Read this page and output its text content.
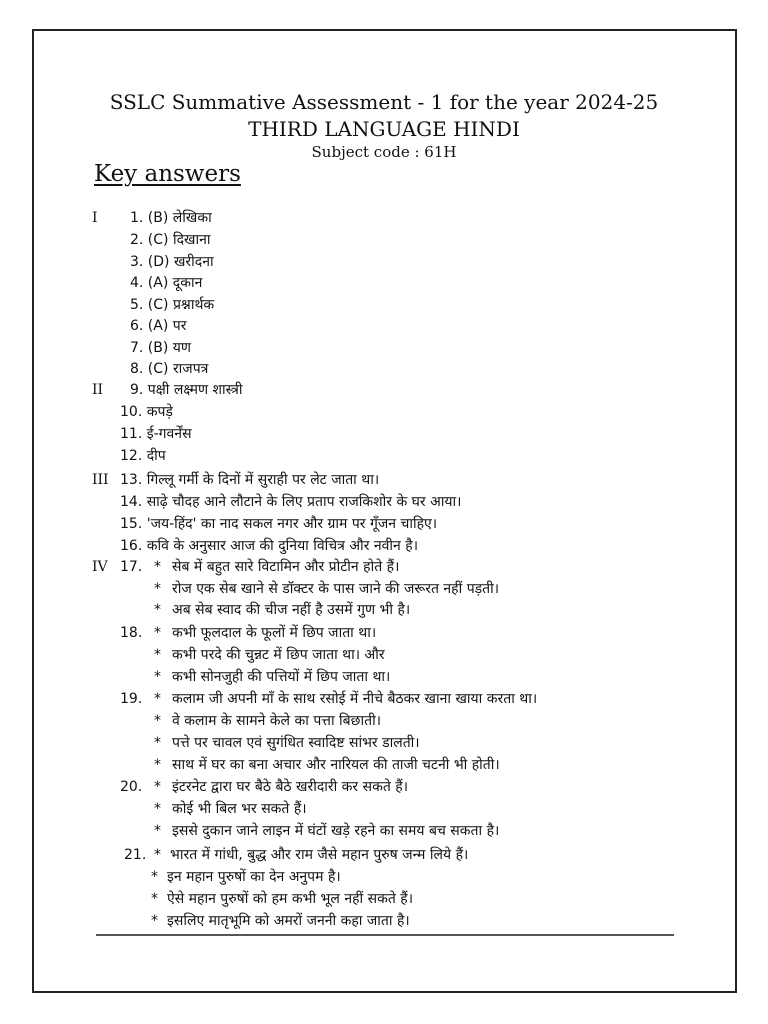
SSLC Summative Assessment - 1 for the year 2024-25
THIRD LANGUAGE HINDI
Subject code : 61H
Key answers
I
II
III
IV
1. (B) लेखिका
2. (C) दिखाना
3. (D) खरीदना
4. (A) दूकान
5. (C) प्रश्नार्थक
6. (A) पर
7. (B) यण
8. (C) राजपत्र
9. पक्षी लक्ष्मण शास्त्री
10. कपड़े
11. ई-गवर्नेंस
12. दीप
13. गिल्लू गर्मी के दिनों में सुराही पर लेट जाता था।
14. साढ़े चौदह आने लौटाने के लिए प्रताप राजकिशोर के घर आया।
15. 'जय-हिंद' का नाद सकल नगर और ग्राम पर गूँजन चाहिए।
16. कवि के अनुसार आज की दुनिया विचित्र और नवीन है।
17. * सेब में बहुत सारे विटामिन और प्रोटीन होते हैं।
* रोज एक सेब खाने से डॉक्टर के पास जाने की जरूरत नहीं पड़ती।
* अब सेब स्वाद की चीज नहीं है उसमें गुण भी है।
18. * कभी फूलदाल के फूलों में छिप जाता था।
* कभी परदे की चुन्नट में छिप जाता था। और
* कभी सोनजुही की पत्तियों में छिप जाता था।
19. * कलाम जी अपनी माँ के साथ रसोई में नीचे बैठकर खाना खाया करता था।
* वे कलाम के सामने केले का पत्ता बिछाती।
* पत्ते पर चावल एवं सुगंधित स्वादिष्ट सांभर डालती।
* साथ में घर का बना अचार और नारियल की ताजी चटनी भी होती।
20. * इंटरनेट द्वारा घर बैठे बैठे खरीदारी कर सकते हैं।
* कोई भी बिल भर सकते हैं।
* इससे दुकान जाने लाइन में घंटों खड़े रहने का समय बच सकता है।
21. * भारत में गांधी, बुद्ध और राम जैसे महान पुरुष जन्म लिये हैं।
* इन महान पुरुषों का देन अनुपम है।
* ऐसे महान पुरुषों को हम कभी भूल नहीं सकते हैं।
* इसलिए मातृभूमि को अमरों जननी कहा जाता है।
